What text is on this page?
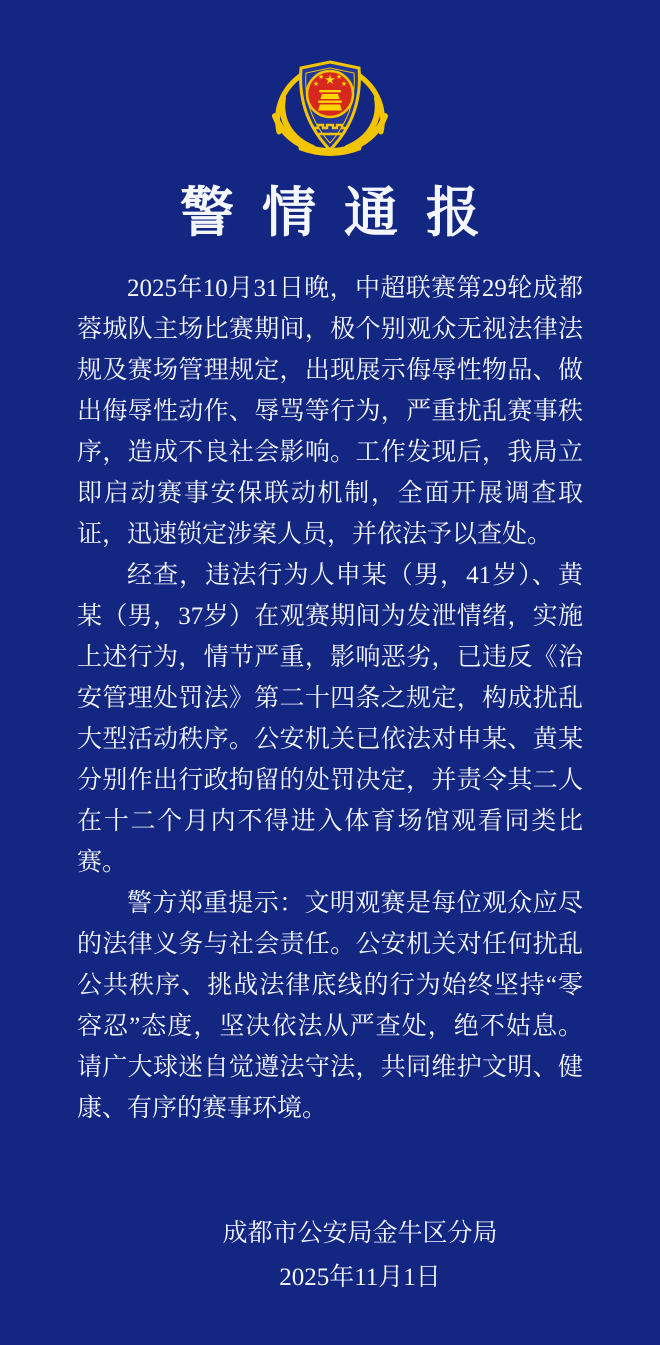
★
★	★
★ ★
警情通报

2025年10月31日晚，中超联赛第29轮成都蓉城队主场比赛期间，极个别观众无视法律法规及赛场管理规定，出现展示侮辱性物品、做出侮辱性动作、辱骂等行为，严重扰乱赛事秩序，造成不良社会影响。工作发现后，我局立即启动赛事安保联动机制，全面开展调查取证，迅速锁定涉案人员，并依法予以查处。

经查，违法行为人申某（男，41岁）、黄某（男，37岁）在观赛期间为发泄情绪，实施上述行为，情节严重，影响恶劣，已违反《治安管理处罚法》第二十四条之规定，构成扰乱大型活动秩序。公安机关已依法对申某、黄某分别作出行政拘留的处罚决定，并责令其二人在十二个月内不得进入体育场馆观看同类比赛。

警方郑重提示：文明观赛是每位观众应尽的法律义务与社会责任。公安机关对任何扰乱公共秩序、挑战法律底线的行为始终坚持“零容忍”态度，坚决依法从严查处，绝不姑息。请广大球迷自觉遵法守法，共同维护文明、健康、有序的赛事环境。

成都市公安局金牛区分局
2025年11月1日
